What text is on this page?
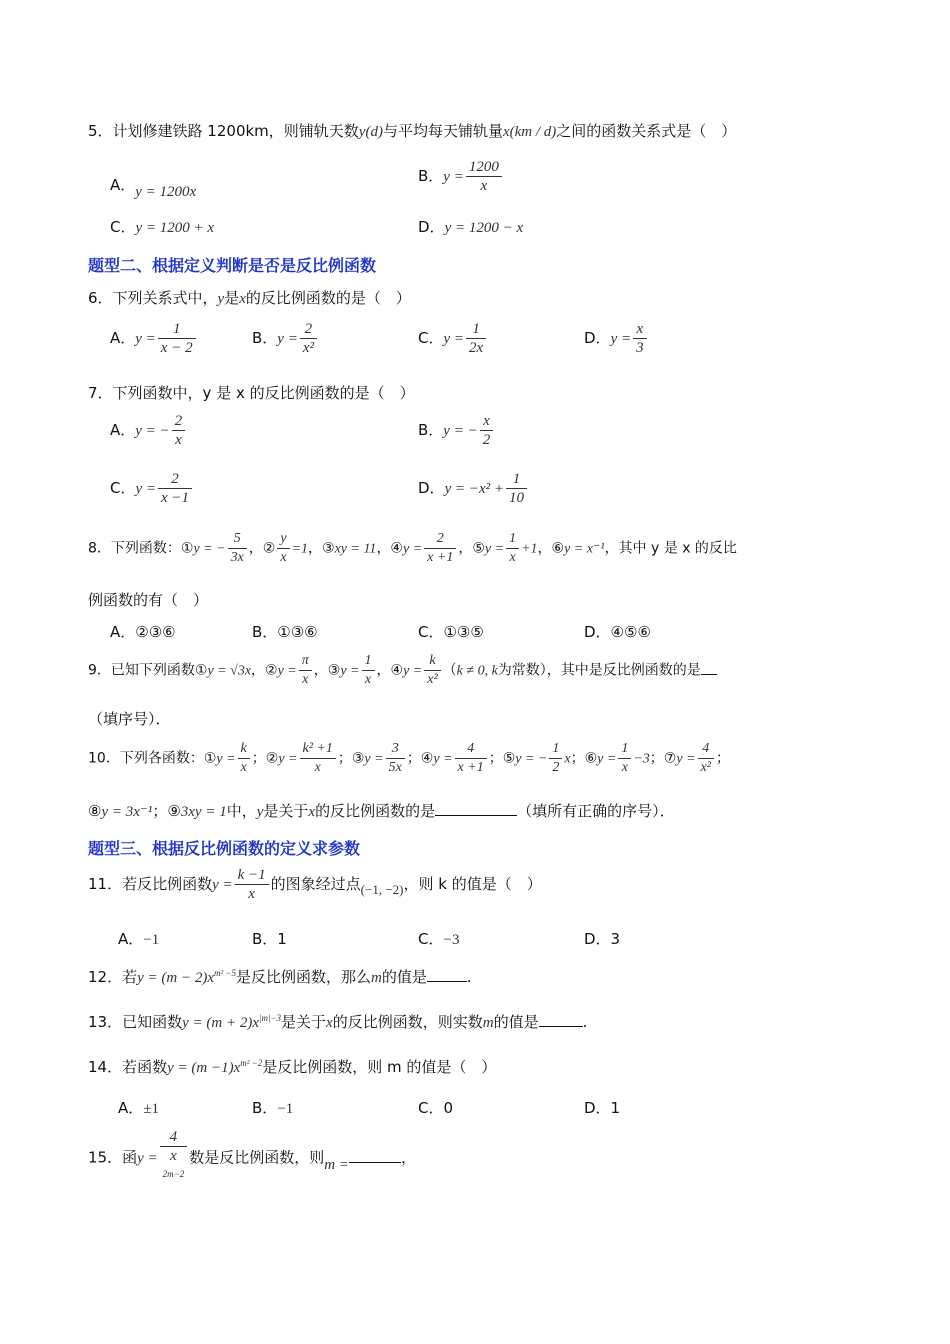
5．计划修建铁路 1200km，则铺轨天数y(d)与平均每天铺轨量x(km / d)之间的函数关系式是（　）
A．y = 1200x
B．$y = \frac{1200}{x}$
C．y = 1200 + x	D．y = 1200 − x
题型二、根据定义判断是否是反比例函数
6．下列关系式中，y是x的反比例函数的是（　）
A．$y = \frac{1}{x - 2}$	B．$y = \frac{2}{\text{x²}}$	C．$y = \frac{1}{2x}$	D．$y = \frac{x}{3}$
7．下列函数中，y 是 x 的反比例函数的是（　）
A．y = − $\frac{2}{x}$	B．y = − $\frac{x}{2}$
C．$y = \frac{2}{x -1}$	D．$y = -x^2 + \frac{1}{10}$
8．下列函数：①y = − $\frac{5}{3x}$ ，② $\frac{y}{x} =1$，③xy = 11，④y = $\frac{2}{x +1}$ ，⑤y = $\frac{1}{x} +1$，⑥y = x⁻¹，其中 y 是 x 的反比
例函数的有（　）
A．②③⑥	B．①③⑥	C．①③⑤	D．④⑤⑥
9．已知下列函数①y = √3x，②y = $\frac{\pi}{x}$ ，③y = $\frac{1}{x}$ ，④y = $\frac{k}{\text{x²}} (k \ne 0$, k为常数），其中是反比例函数的是
（填序号）．
10．下列各函数：①y = $\frac{k}{x}$ ；②y = $\frac{\text{k² +1}}{x}$ ；③y = $\frac{3}{5x}$ ；④y = $\frac{4}{x +1}$ ；⑤y = − $\frac{1}{2}$ x；⑥y = $\frac{1}{x} -3$；⑦y = $\frac{4}{\text{x²}}$ ；
⑧y = 3x⁻¹；⑨3xy = 1中，y是关于x的反比例函数的是	（填所有正确的序号）．
题型三、根据反比例函数的定义求参数
11．若反比例函数$y = \frac{k -1}{x}$ 的图象经过点(−1, −2)，则 k 的值是（　）
A．−1	B．1	C．−3	D．3
12．若$y = (m - 2)x^{m^2 -5}$是反比例函数，那么m的值是	.
13．已知函数$y = (m + 2)x^{|m|-3}$是关于x的反比例函数，则实数m的值是	.
14．若函数$y = (m -1)x^{m^2 -2}$是反比例函数，则 m 的值是（　）
A．±1	B．−1	C．0	D．1
15．函y = 4
x
$^{2m-2}$ 数是反比例函数，则m =	，
